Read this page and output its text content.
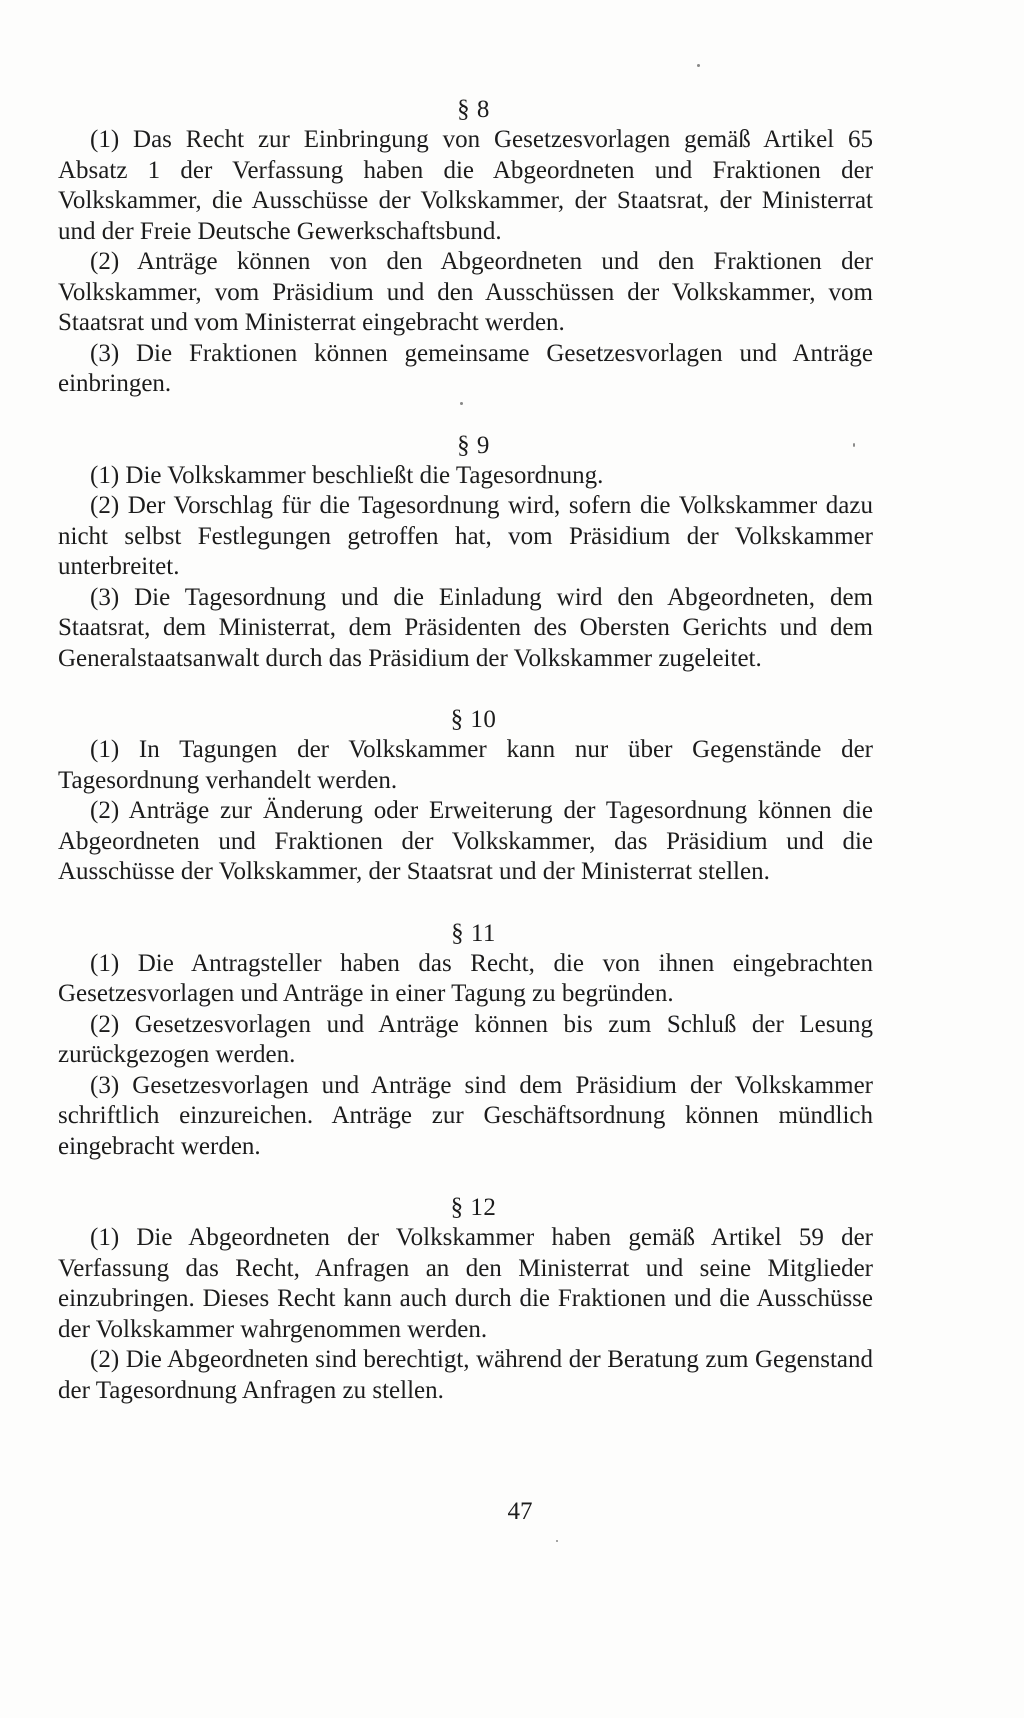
§ 8

(1) Das Recht zur Einbringung von Gesetzesvorlagen gemäß Artikel 65 Absatz 1 der Verfassung haben die Abgeordneten und Fraktionen der Volkskammer, die Ausschüsse der Volkskammer, der Staatsrat, der Ministerrat und der Freie Deutsche Gewerkschaftsbund.

(2) Anträge können von den Abgeordneten und den Fraktionen der Volkskammer, vom Präsidium und den Ausschüssen der Volkskammer, vom Staatsrat und vom Ministerrat eingebracht werden.

(3) Die Fraktionen können gemeinsame Gesetzesvorlagen und Anträge einbringen.

§ 9

(1) Die Volkskammer beschließt die Tagesordnung.

(2) Der Vorschlag für die Tagesordnung wird, sofern die Volkskammer dazu nicht selbst Festlegungen getroffen hat, vom Präsidium der Volkskammer unterbreitet.

(3) Die Tagesordnung und die Einladung wird den Abgeordneten, dem Staatsrat, dem Ministerrat, dem Präsidenten des Obersten Gerichts und dem Generalstaatsanwalt durch das Präsidium der Volkskammer zugeleitet.

§ 10

(1) In Tagungen der Volkskammer kann nur über Gegenstände der Tagesordnung verhandelt werden.

(2) Anträge zur Änderung oder Erweiterung der Tagesordnung können die Abgeordneten und Fraktionen der Volkskammer, das Präsidium und die Ausschüsse der Volkskammer, der Staatsrat und der Ministerrat stellen.

§ 11

(1) Die Antragsteller haben das Recht, die von ihnen eingebrachten Gesetzesvorlagen und Anträge in einer Tagung zu begründen.

(2) Gesetzesvorlagen und Anträge können bis zum Schluß der Lesung zurückgezogen werden.

(3) Gesetzesvorlagen und Anträge sind dem Präsidium der Volkskammer schriftlich einzureichen. Anträge zur Geschäftsordnung können mündlich eingebracht werden.

§ 12

(1) Die Abgeordneten der Volkskammer haben gemäß Artikel 59 der Verfassung das Recht, Anfragen an den Ministerrat und seine Mitglieder einzubringen. Dieses Recht kann auch durch die Fraktionen und die Ausschüsse der Volkskammer wahrgenommen werden.

(2) Die Abgeordneten sind berechtigt, während der Beratung zum Gegenstand der Tagesordnung Anfragen zu stellen.

47
